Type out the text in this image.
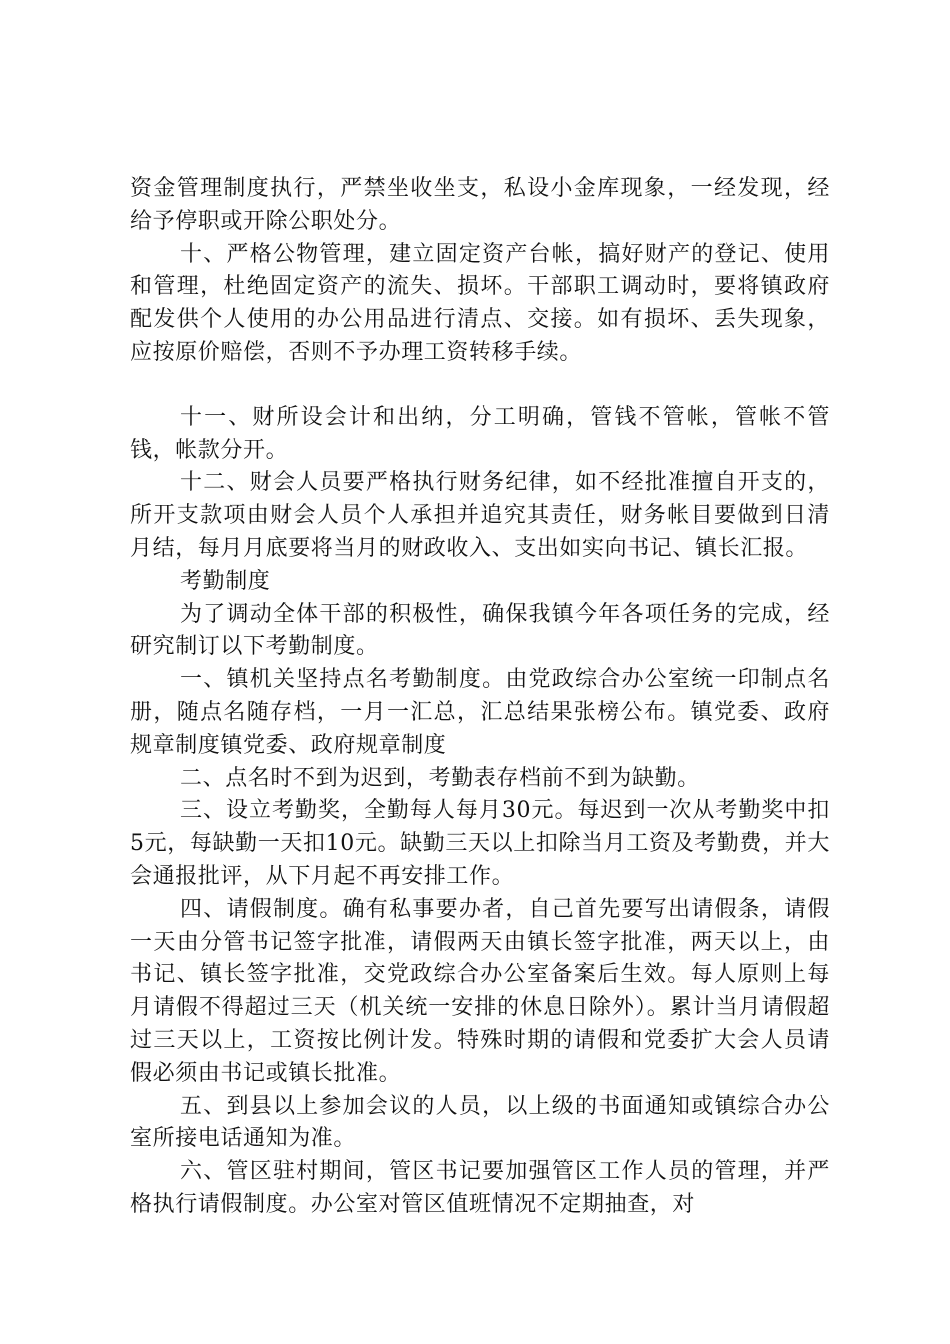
资金管理制度执行，严禁坐收坐支，私设小金库现象，一经发现，经给予停职或开除公职处分。

十、严格公物管理，建立固定资产台帐，搞好财产的登记、使用和管理，杜绝固定资产的流失、损坏。干部职工调动时，要将镇政府配发供个人使用的办公用品进行清点、交接。如有损坏、丢失现象，应按原价赔偿，否则不予办理工资转移手续。

十一、财所设会计和出纳，分工明确，管钱不管帐，管帐不管钱，帐款分开。

十二、财会人员要严格执行财务纪律，如不经批准擅自开支的，所开支款项由财会人员个人承担并追究其责任，财务帐目要做到日清月结，每月月底要将当月的财政收入、支出如实向书记、镇长汇报。

考勤制度

为了调动全体干部的积极性，确保我镇今年各项任务的完成，经研究制订以下考勤制度。

一、镇机关坚持点名考勤制度。由党政综合办公室统一印制点名册，随点名随存档，一月一汇总，汇总结果张榜公布。镇党委、政府规章制度镇党委、政府规章制度

二、点名时不到为迟到，考勤表存档前不到为缺勤。

三、设立考勤奖，全勤每人每月30元。每迟到一次从考勤奖中扣5元，每缺勤一天扣10元。缺勤三天以上扣除当月工资及考勤费，并大会通报批评，从下月起不再安排工作。

四、请假制度。确有私事要办者，自己首先要写出请假条，请假一天由分管书记签字批准，请假两天由镇长签字批准，两天以上，由书记、镇长签字批准，交党政综合办公室备案后生效。每人原则上每月请假不得超过三天（机关统一安排的休息日除外）。累计当月请假超过三天以上，工资按比例计发。特殊时期的请假和党委扩大会人员请假必须由书记或镇长批准。

五、到县以上参加会议的人员，以上级的书面通知或镇综合办公室所接电话通知为准。

六、管区驻村期间，管区书记要加强管区工作人员的管理，并严格执行请假制度。办公室对管区值班情况不定期抽查，对
